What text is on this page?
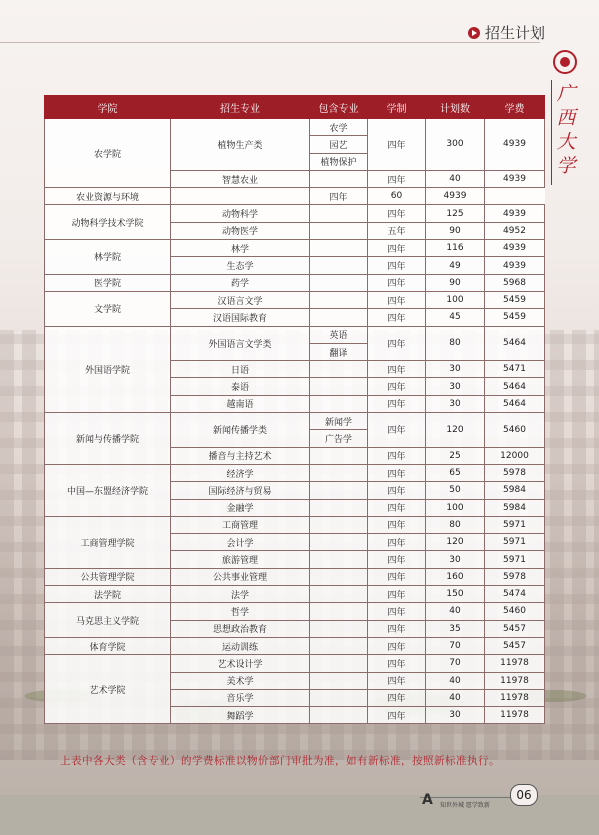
招生计划
广
西
大
学
学院	招生专业	包含专业	学制	计划数	学费
农学院	植物生产类	农学	四年	300	4939
		园艺			
		植物保护			
	智慧农业		四年	40	4939
农业资源与环境		四年	60	4939	
动物科学技术学院	动物科学		四年	125	4939
	动物医学		五年	90	4952
林学院	林学		四年	116	4939
	生态学		四年	49	4939
医学院	药学		四年	90	5968
文学院	汉语言文学		四年	100	5459
	汉语国际教育		四年	45	5459
外国语学院	外国语言文学类	英语	四年	80	5464
		翻译			
	日语		四年	30	5471
	泰语		四年	30	5464
	越南语		四年	30	5464
新闻与传播学院	新闻传播学类	新闻学	四年	120	5460
		广告学			
	播音与主持艺术		四年	25	12000
中国—东盟经济学院	经济学		四年	65	5978
	国际经济与贸易		四年	50	5984
	金融学		四年	100	5984
工商管理学院	工商管理		四年	80	5971
	会计学		四年	120	5971
	旅游管理		四年	30	5971
公共管理学院	公共事业管理		四年	160	5978
法学院	法学		四年	150	5474
马克思主义学院	哲学		四年	40	5460
	思想政治教育		四年	35	5457
体育学院	运动训练		四年	70	5457
艺术学院	艺术设计学		四年	70	11978
	美术学		四年	40	11978
	音乐学		四年	40	11978
	舞蹈学		四年	30	11978
上表中各大类（含专业）的学费标准以物价部门审批为准，如有新标准，按照新标准执行。
A 知世外城 愿学致新
06
